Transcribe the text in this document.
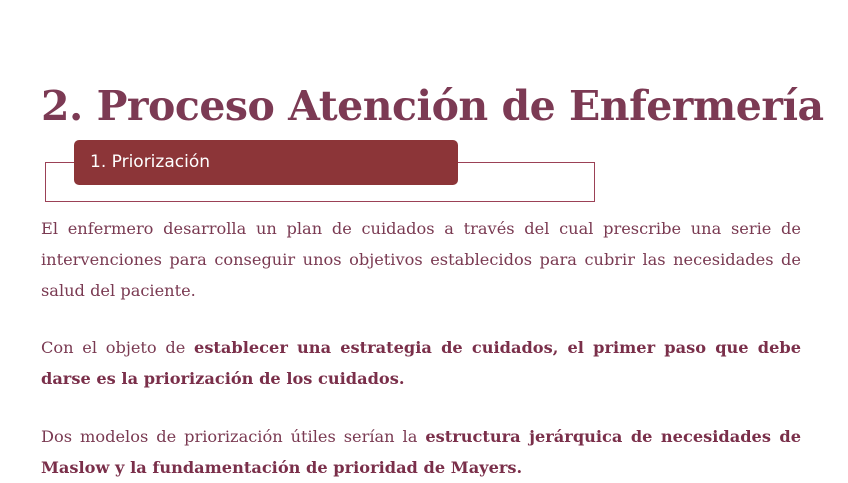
2. Proceso Atención de Enfermería
1. Priorización

El enfermero desarrolla un plan de cuidados a través del cual prescribe una serie de intervenciones para conseguir unos objetivos establecidos para cubrir las necesidades de salud del paciente.

Con el objeto de establecer una estrategia de cuidados, el primer paso que debe darse es la priorización de los cuidados.

Dos modelos de priorización útiles serían la estructura jerárquica de necesidades de Maslow y la fundamentación de prioridad de Mayers.
